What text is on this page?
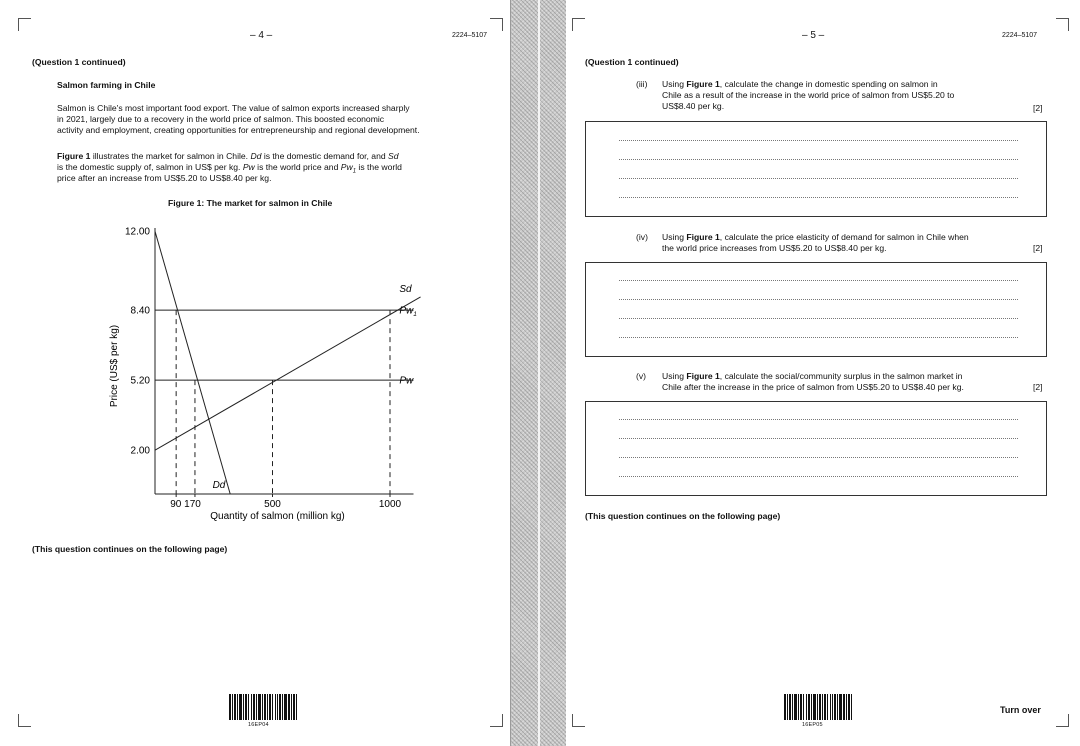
– 4 –	2224–5107
(Question 1 continued)
Salmon farming in Chile
Salmon is Chile's most important food export. The value of salmon exports increased sharply
in 2021, largely due to a recovery in the world price of salmon. This boosted economic
activity and employment, creating opportunities for entrepreneurship and regional development.
Figure 1 illustrates the market for salmon in Chile. Dd is the domestic demand for, and Sd
is the domestic supply of, salmon in US$ per kg. Pw is the world price and $Pw_1$ is the world
price after an increase from US$5.20 to US$8.40 per kg.
Figure 1: The market for salmon in Chile
2.00
5.20
8.40
12.00
90 170	500	1000
Quantity of salmon (million kg)
Price (US$ per kg)
Sd
$Pw_1$
Pw
Dd
(This question continues on the following page)
16EP04
– 5 –	2224–5107
(Question 1 continued)
(iii) Using Figure 1, calculate the change in domestic spending on salmon in
Chile as a result of the increase in the world price of salmon from US$5.20 to
US$8.40 per kg.	[2]
(iv) Using Figure 1, calculate the price elasticity of demand for salmon in Chile when
the world price increases from US$5.20 to US$8.40 per kg.	[2]
(v) Using Figure 1, calculate the social/community surplus in the salmon market in
Chile after the increase in the price of salmon from US$5.20 to US$8.40 per kg.	[2]
(This question continues on the following page)
16EP05
Turn over
